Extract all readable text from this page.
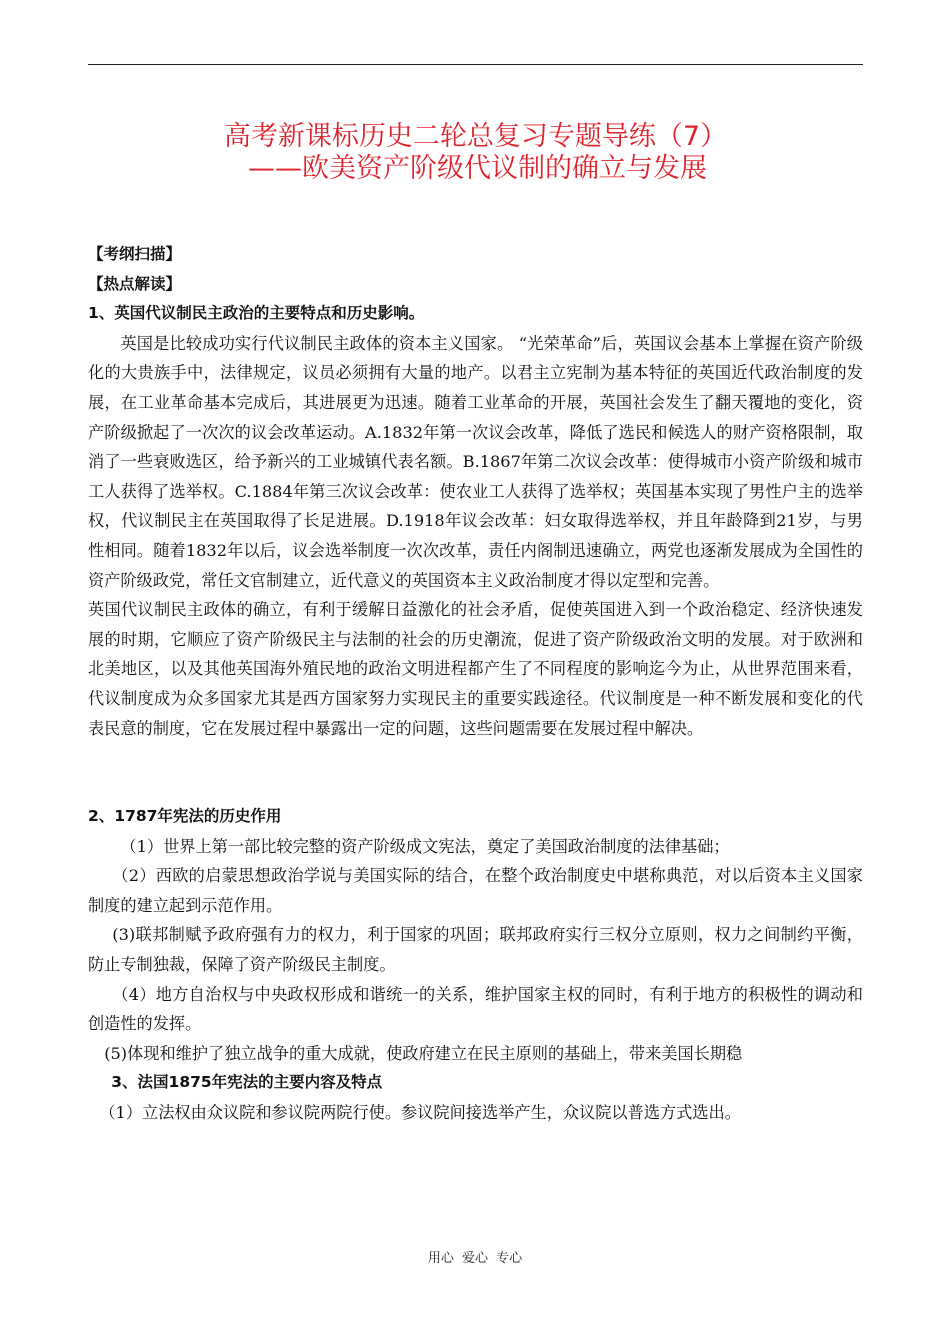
高考新课标历史二轮总复习专题导练（7）
——欧美资产阶级代议制的确立与发展

【考纲扫描】

【热点解读】

1、英国代议制民主政治的主要特点和历史影响。

英国是比较成功实行代议制民主政体的资本主义国家。 “光荣革命”后，英国议会基本上掌握在资产阶级化的大贵族手中，法律规定，议员必须拥有大量的地产。以君主立宪制为基本特征的英国近代政治制度的发展，在工业革命基本完成后，其进展更为迅速。随着工业革命的开展，英国社会发生了翻天覆地的变化，资产阶级掀起了一次次的议会改革运动。A.1832年第一次议会改革，降低了选民和候选人的财产资格限制，取消了一些衰败选区，给予新兴的工业城镇代表名额。B.1867年第二次议会改革：使得城市小资产阶级和城市工人获得了选举权。C.1884年第三次议会改革：使农业工人获得了选举权；英国基本实现了男性户主的选举权，代议制民主在英国取得了长足进展。D.1918年议会改革：妇女取得选举权，并且年龄降到21岁，与男性相同。随着1832年以后，议会选举制度一次次改革，责任内阁制迅速确立，两党也逐渐发展成为全国性的资产阶级政党，常任文官制建立，近代意义的英国资本主义政治制度才得以定型和完善。

英国代议制民主政体的确立，有利于缓解日益激化的社会矛盾，促使英国进入到一个政治稳定、经济快速发展的时期，它顺应了资产阶级民主与法制的社会的历史潮流，促进了资产阶级政治文明的发展。对于欧洲和北美地区，以及其他英国海外殖民地的政治文明进程都产生了不同程度的影响迄今为止，从世界范围来看，代议制度成为众多国家尤其是西方国家努力实现民主的重要实践途径。代议制度是一种不断发展和变化的代表民意的制度，它在发展过程中暴露出一定的问题，这些问题需要在发展过程中解决。

2、1787年宪法的历史作用

（1）世界上第一部比较完整的资产阶级成文宪法，奠定了美国政治制度的法律基础；

（2）西欧的启蒙思想政治学说与美国实际的结合，在整个政治制度史中堪称典范，对以后资本主义国家制度的建立起到示范作用。

(3)联邦制赋予政府强有力的权力，利于国家的巩固；联邦政府实行三权分立原则，权力之间制约平衡，防止专制独裁，保障了资产阶级民主制度。

（4）地方自治权与中央政权形成和谐统一的关系，维护国家主权的同时，有利于地方的积极性的调动和创造性的发挥。

(5)体现和维护了独立战争的重大成就，使政府建立在民主原则的基础上，带来美国长期稳

3、法国1875年宪法的主要内容及特点

（1）立法权由众议院和参议院两院行使。参议院间接选举产生，众议院以普选方式选出。

用心 爱心 专心
